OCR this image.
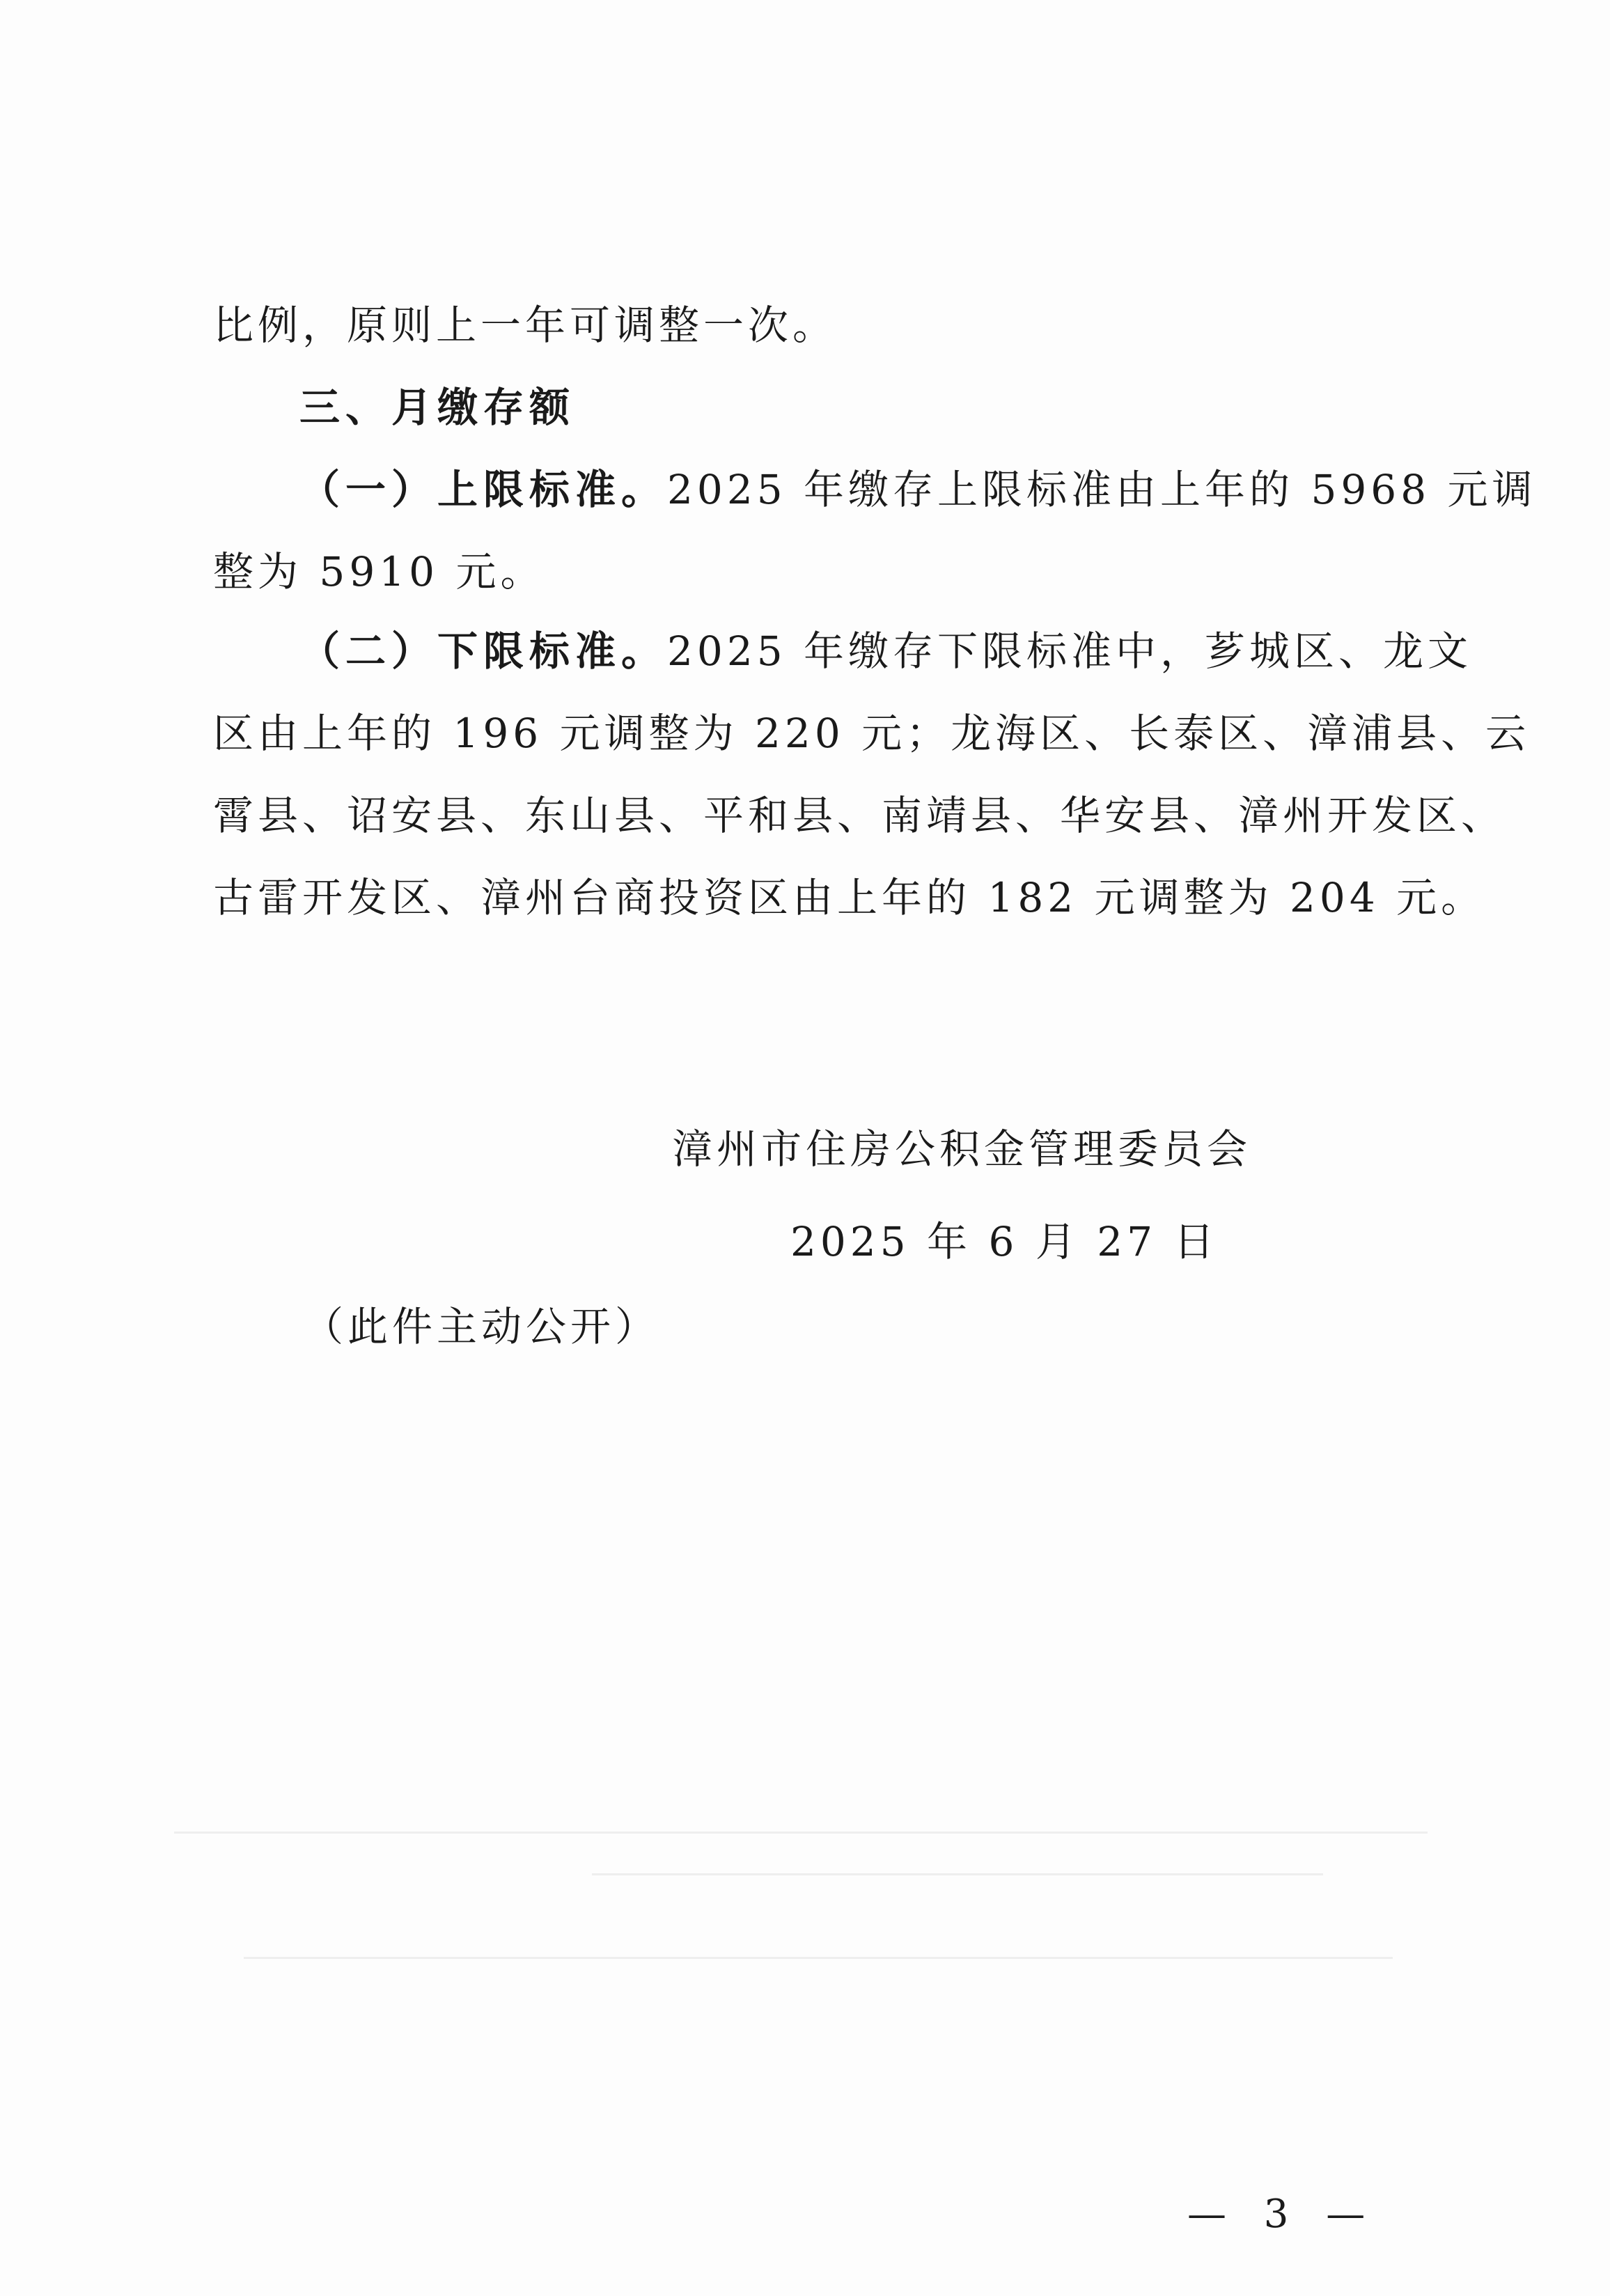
比例，原则上一年可调整一次。
三、月缴存额
（一）上限标准。2025 年缴存上限标准由上年的 5968 元调
整为 5910 元。
（二）下限标准。2025 年缴存下限标准中，芗城区、龙文
区由上年的 196 元调整为 220 元；龙海区、长泰区、漳浦县、云
霄县、诏安县、东山县、平和县、南靖县、华安县、漳州开发区、
古雷开发区、漳州台商投资区由上年的 182 元调整为 204 元。
漳州市住房公积金管理委员会
2025 年 6 月 27 日
（此件主动公开）
— 3 —
